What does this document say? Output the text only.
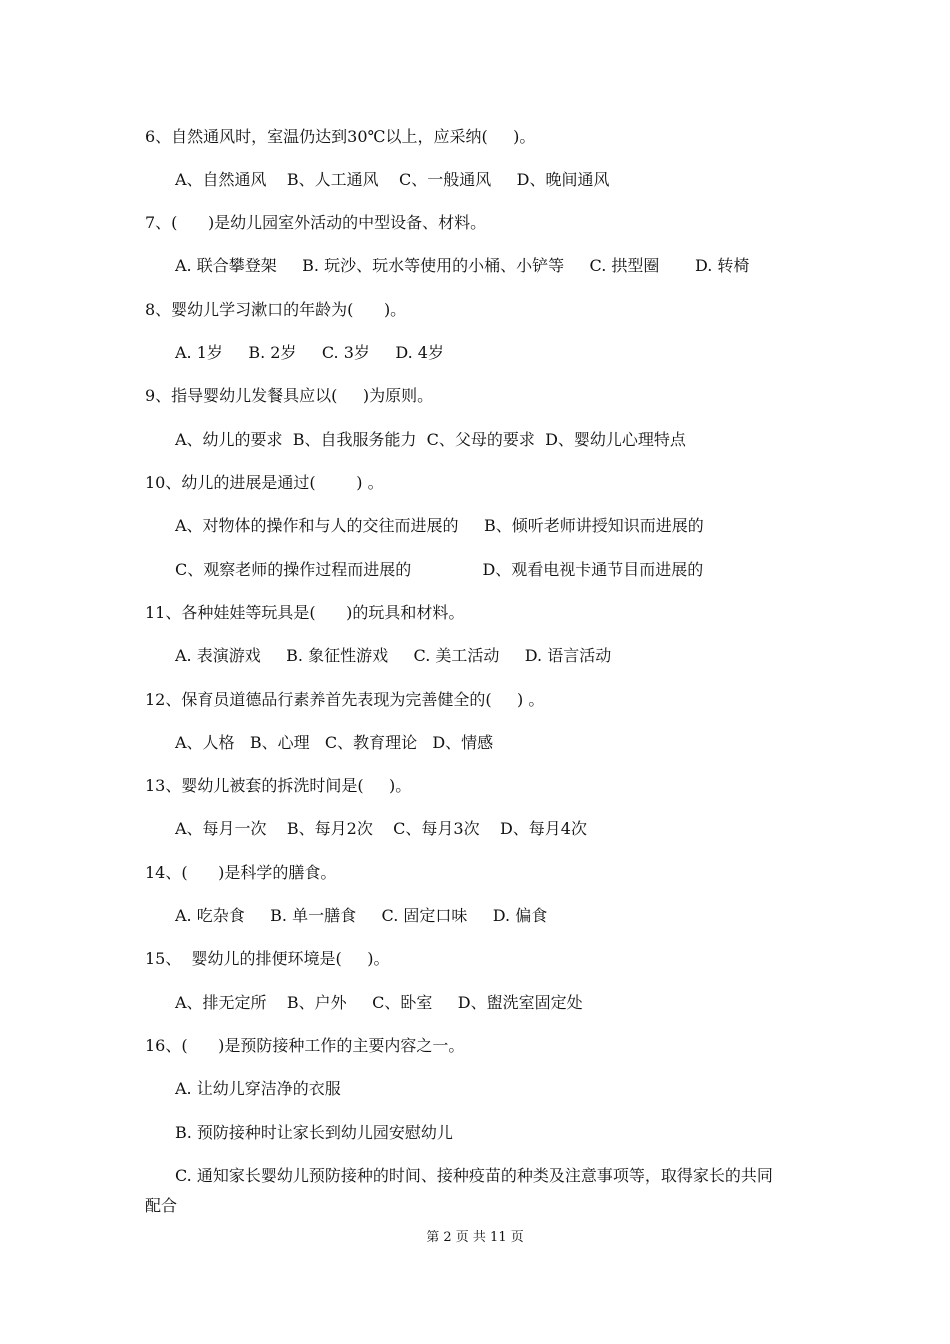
6、自然通风时，室温仍达到30℃以上，应采纳(     )。
A、自然通风    B、人工通风    C、一般通风     D、晚间通风
7、(      )是幼儿园室外活动的中型设备、材料。
A. 联合攀登架     B. 玩沙、玩水等使用的小桶、小铲等     C. 拱型圈       D. 转椅
8、婴幼儿学习漱口的年龄为(      )。
A. 1岁     B. 2岁     C. 3岁     D. 4岁
9、指导婴幼儿发餐具应以(     )为原则。
A、幼儿的要求  B、自我服务能力  C、父母的要求  D、婴幼儿心理特点
10、幼儿的进展是通过(        ) 。
A、对物体的操作和与人的交往而进展的     B、倾听老师讲授知识而进展的
C、观察老师的操作过程而进展的              D、观看电视卡通节目而进展的
11、各种娃娃等玩具是(      )的玩具和材料。
A. 表演游戏     B. 象征性游戏     C. 美工活动     D. 语言活动
12、保育员道德品行素养首先表现为完善健全的(     ) 。
A、人格   B、心理   C、教育理论   D、情感
13、婴幼儿被套的拆洗时间是(     )。
A、每月一次    B、每月2次    C、每月3次    D、每月4次
14、(      )是科学的膳食。
A. 吃杂食     B. 单一膳食     C. 固定口味     D. 偏食
15、  婴幼儿的排便环境是(     )。
A、排无定所    B、户外     C、卧室     D、盥洗室固定处
16、(      )是预防接种工作的主要内容之一。
A. 让幼儿穿洁净的衣服
B. 预防接种时让家长到幼儿园安慰幼儿
C. 通知家长婴幼儿预防接种的时间、接种疫苗的种类及注意事项等，取得家长的共同
配合
第 2 页 共 11 页
